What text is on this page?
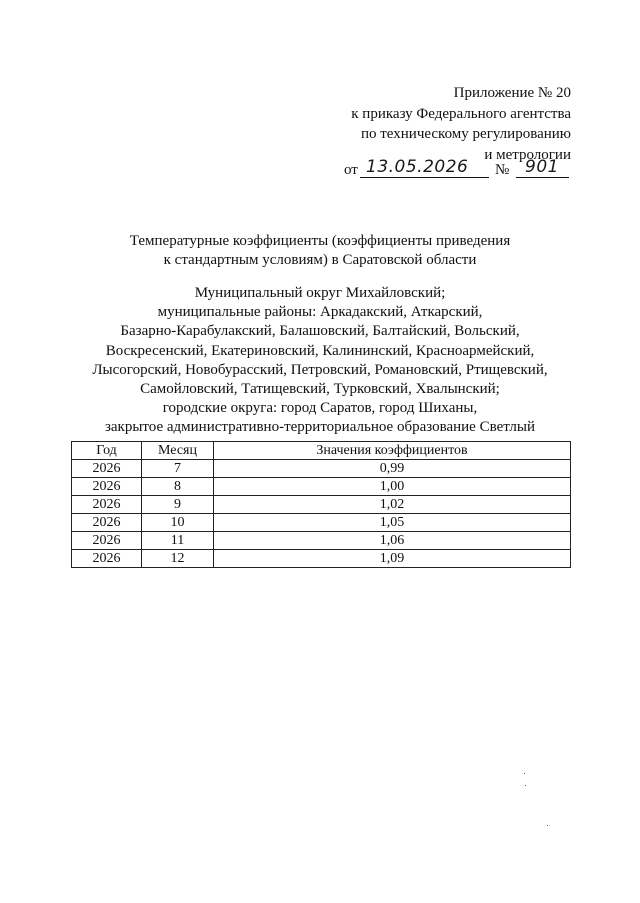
Приложение № 20
к приказу Федерального агентства
по техническому регулированию
и метрологии
от 13.05.2026 № 901
Температурные коэффициенты (коэффициенты приведения
к стандартным условиям) в Саратовской области
Муниципальный округ Михайловский;
муниципальные районы: Аркадакский, Аткарский,
Базарно-Карабулакский, Балашовский, Балтайский, Вольский,
Воскресенский, Екатериновский, Калининский, Красноармейский,
Лысогорский, Новобурасский, Петровский, Романовский, Ртищевский,
Самойловский, Татищевский, Турковский, Хвалынский;
городские округа: город Саратов, город Шиханы,
закрытое административно-территориальное образование Светлый
Год	Месяц	Значения коэффициентов
2026	7	0,99
2026	8	1,00
2026	9	1,02
2026	10	1,05
2026	11	1,06
2026	12	1,09
